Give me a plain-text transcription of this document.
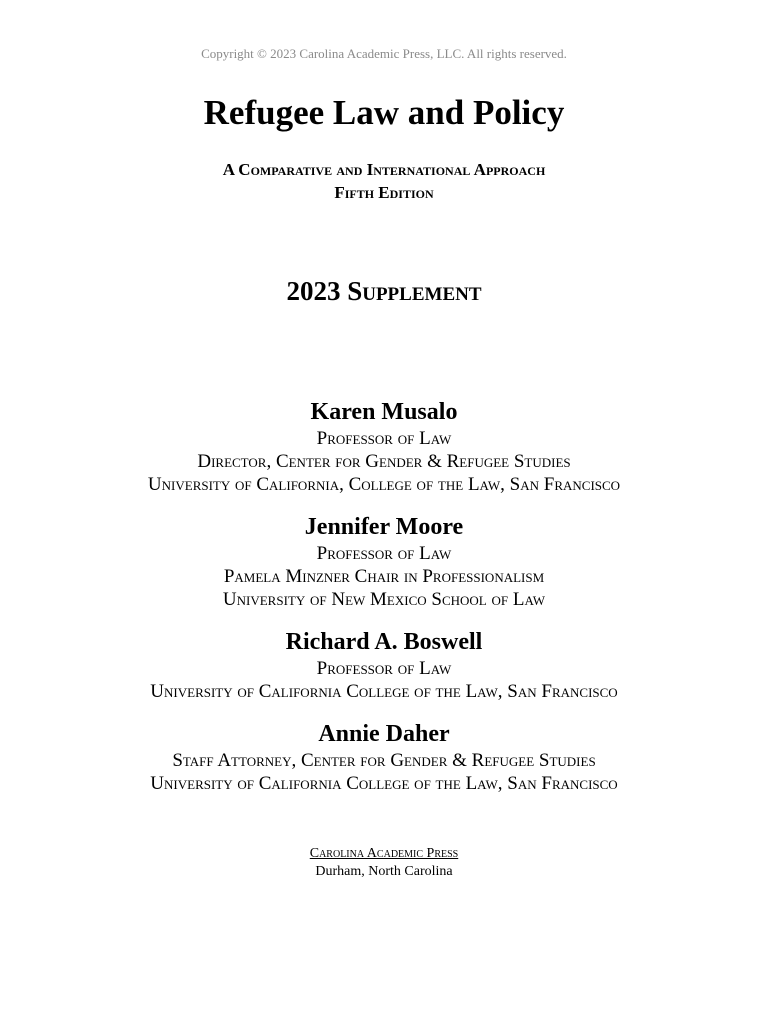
Copyright © 2023 Carolina Academic Press, LLC. All rights reserved.
Refugee Law and Policy
A Comparative and International Approach
Fifth Edition
2023 Supplement
Karen Musalo
Professor of Law
Director, Center for Gender & Refugee Studies
University of California, College of the Law, San Francisco
Jennifer Moore
Professor of Law
Pamela Minzner Chair in Professionalism
University of New Mexico School of Law
Richard A. Boswell
Professor of Law
University of California College of the Law, San Francisco
Annie Daher
Staff Attorney, Center for Gender & Refugee Studies
University of California College of the Law, San Francisco
Carolina Academic Press
Durham, North Carolina
